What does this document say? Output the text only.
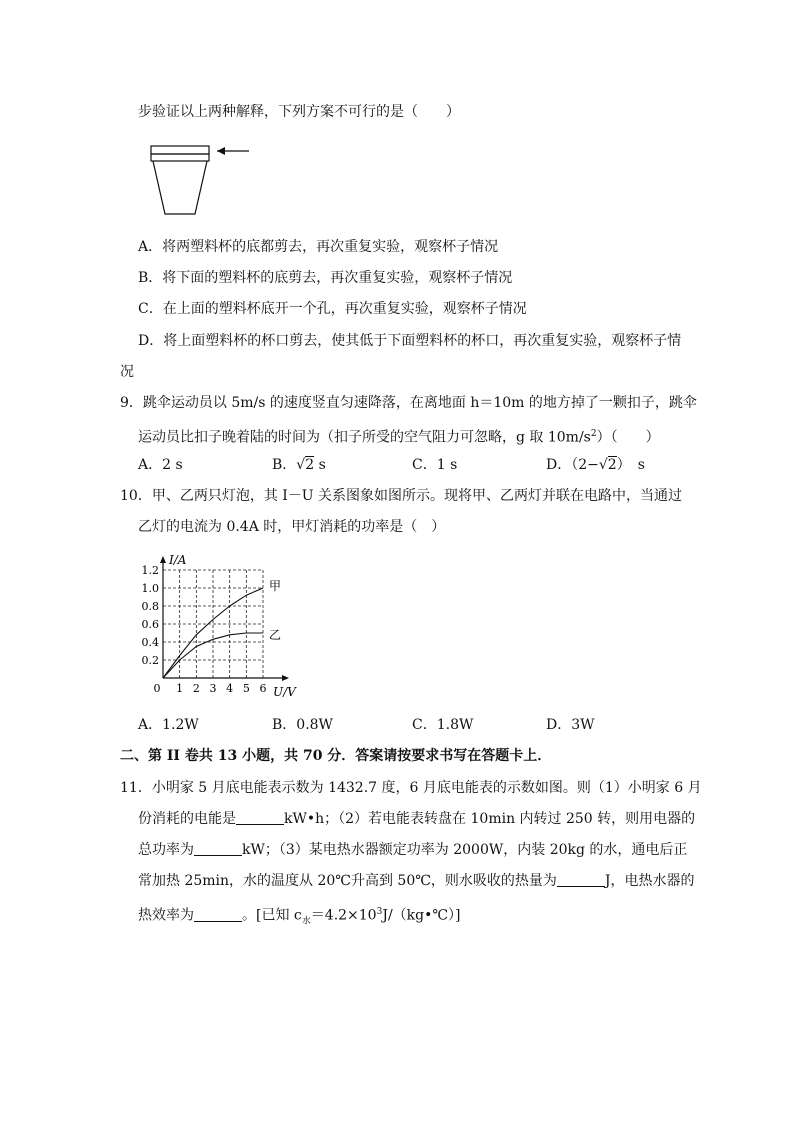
步验证以上两种解释，下列方案不可行的是（　　）
A．将两塑料杯的底都剪去，再次重复实验，观察杯子情况
B．将下面的塑料杯的底剪去，再次重复实验，观察杯子情况
C．在上面的塑料杯底开一个孔，再次重复实验，观察杯子情况
D．将上面塑料杯的杯口剪去，使其低于下面塑料杯的杯口，再次重复实验，观察杯子情
况
9．跳伞运动员以 5m/s 的速度竖直匀速降落，在离地面 h＝10m 的地方掉了一颗扣子，跳伞
运动员比扣子晚着陆的时间为（扣子所受的空气阻力可忽略，g 取 $10m/s^2$）（　　）
A．2 s	B．√2 s	C．1 s	D．（2−√2）　s
10．甲、乙两只灯泡，其 I－U 关系图象如图所示。现将甲、乙两灯并联在电路中，当通过
乙灯的电流为 0.4A 时，甲灯消耗的功率是（　）
0 1 2 3 4 5 6
0.2
0.4
0.6
0.8
1.0
1.2
U/V
I/A
甲
乙
A．1.2W	B．0.8W	C．1.8W	D．3W
二、第 II 卷共 13 小题，共 70 分．答案请按要求书写在答题卡上．
11．小明家 5 月底电能表示数为 1432.7 度，6 月底电能表的示数如图。则（1）小明家 6 月
份消耗的电能是	kW•h；（2）若电能表转盘在 10min 内转过 250 转，则用电器的
总功率为	kW；（3）某电热水器额定功率为 2000W，内装 20kg 的水，通电后正
常加热 25min，水的温度从 20℃升高到 50℃，则水吸收的热量为	J，电热水器的
热效率为	。[已知 $c_水=4.2\times 10^3J/(kg•℃)$]
